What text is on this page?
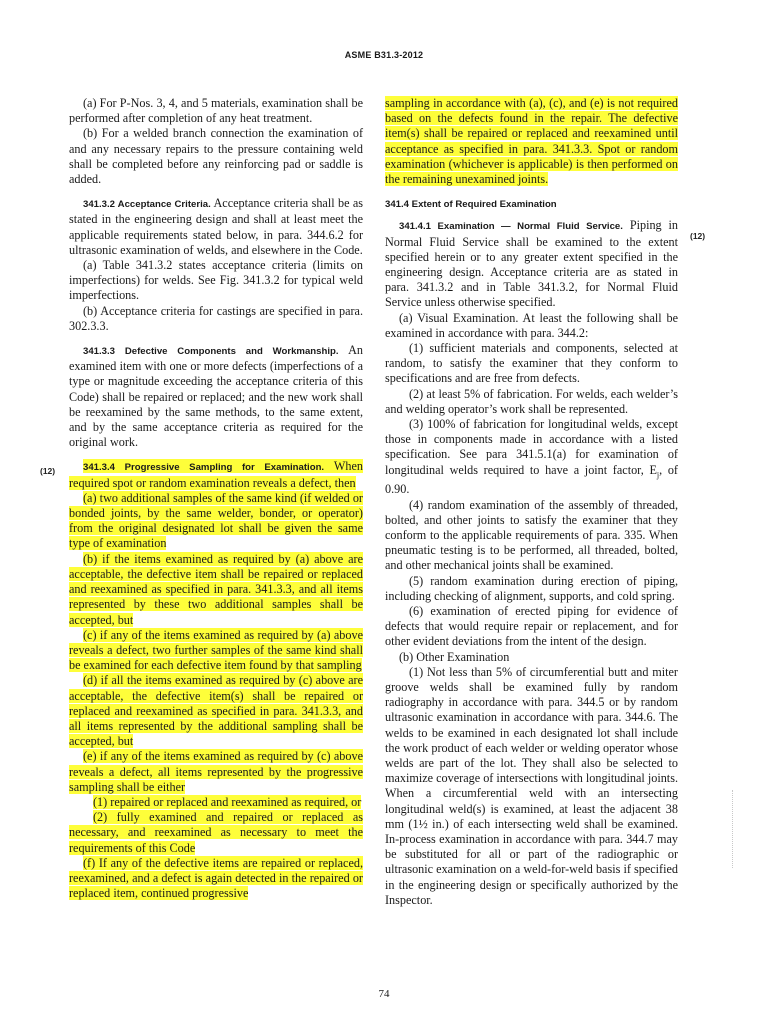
ASME B31.3-2012
(12)
(12)

(a) For P-Nos. 3, 4, and 5 materials, examination shall be performed after completion of any heat treatment.

(b) For a welded branch connection the examination of and any necessary repairs to the pressure containing weld shall be completed before any reinforcing pad or saddle is added.

341.3.2 Acceptance Criteria. Acceptance criteria shall be as stated in the engineering design and shall at least meet the applicable requirements stated below, in para. 344.6.2 for ultrasonic examination of welds, and elsewhere in the Code.

(a) Table 341.3.2 states acceptance criteria (limits on imperfections) for welds. See Fig. 341.3.2 for typical weld imperfections.

(b) Acceptance criteria for castings are specified in para. 302.3.3.

341.3.3 Defective Components and Workmanship. An examined item with one or more defects (imperfections of a type or magnitude exceeding the acceptance criteria of this Code) shall be repaired or replaced; and the new work shall be reexamined by the same methods, to the same extent, and by the same acceptance criteria as required for the original work.

341.3.4 Progressive Sampling for Examination. When required spot or random examination reveals a defect, then

(a) two additional samples of the same kind (if welded or bonded joints, by the same welder, bonder, or operator) from the original designated lot shall be given the same type of examination

(b) if the items examined as required by (a) above are acceptable, the defective item shall be repaired or replaced and reexamined as specified in para. 341.3.3, and all items represented by these two additional samples shall be accepted, but

(c) if any of the items examined as required by (a) above reveals a defect, two further samples of the same kind shall be examined for each defective item found by that sampling

(d) if all the items examined as required by (c) above are acceptable, the defective item(s) shall be repaired or replaced and reexamined as specified in para. 341.3.3, and all items represented by the additional sampling shall be accepted, but

(e) if any of the items examined as required by (c) above reveals a defect, all items represented by the progressive sampling shall be either

(1) repaired or replaced and reexamined as required, or

(2) fully examined and repaired or replaced as necessary, and reexamined as necessary to meet the requirements of this Code

(f) If any of the defective items are repaired or replaced, reexamined, and a defect is again detected in the repaired or replaced item, continued progressive

sampling in accordance with (a), (c), and (e) is not required based on the defects found in the repair. The defective item(s) shall be repaired or replaced and reexamined until acceptance as specified in para. 341.3.3. Spot or random examination (whichever is applicable) is then performed on the remaining unexamined joints.

341.4 Extent of Required Examination

341.4.1 Examination — Normal Fluid Service. Piping in Normal Fluid Service shall be examined to the extent specified herein or to any greater extent specified in the engineering design. Acceptance criteria are as stated in para. 341.3.2 and in Table 341.3.2, for Normal Fluid Service unless otherwise specified.

(a) Visual Examination. At least the following shall be examined in accordance with para. 344.2:

(1) sufficient materials and components, selected at random, to satisfy the examiner that they conform to specifications and are free from defects.

(2) at least 5% of fabrication. For welds, each welder’s and welding operator’s work shall be represented.

(3) 100% of fabrication for longitudinal welds, except those in components made in accordance with a listed specification. See para 341.5.1(a) for examination of longitudinal welds required to have a joint factor, $E_j$, of 0.90.

(4) random examination of the assembly of threaded, bolted, and other joints to satisfy the examiner that they conform to the applicable requirements of para. 335. When pneumatic testing is to be performed, all threaded, bolted, and other mechanical joints shall be examined.

(5) random examination during erection of piping, including checking of alignment, supports, and cold spring.

(6) examination of erected piping for evidence of defects that would require repair or replacement, and for other evident deviations from the intent of the design.

(b) Other Examination

(1) Not less than 5% of circumferential butt and miter groove welds shall be examined fully by random radiography in accordance with para. 344.5 or by random ultrasonic examination in accordance with para. 344.6. The welds to be examined in each designated lot shall include the work product of each welder or welding operator whose welds are part of the lot. They shall also be selected to maximize coverage of intersections with longitudinal joints. When a circumferential weld with an intersecting longitudinal weld(s) is examined, at least the adjacent 38 mm (1½ in.) of each intersecting weld shall be examined. In-process examination in accordance with para. 344.7 may be substituted for all or part of the radiographic or ultrasonic examination on a weld-for-weld basis if specified in the engineering design or specifically authorized by the Inspector.

74
